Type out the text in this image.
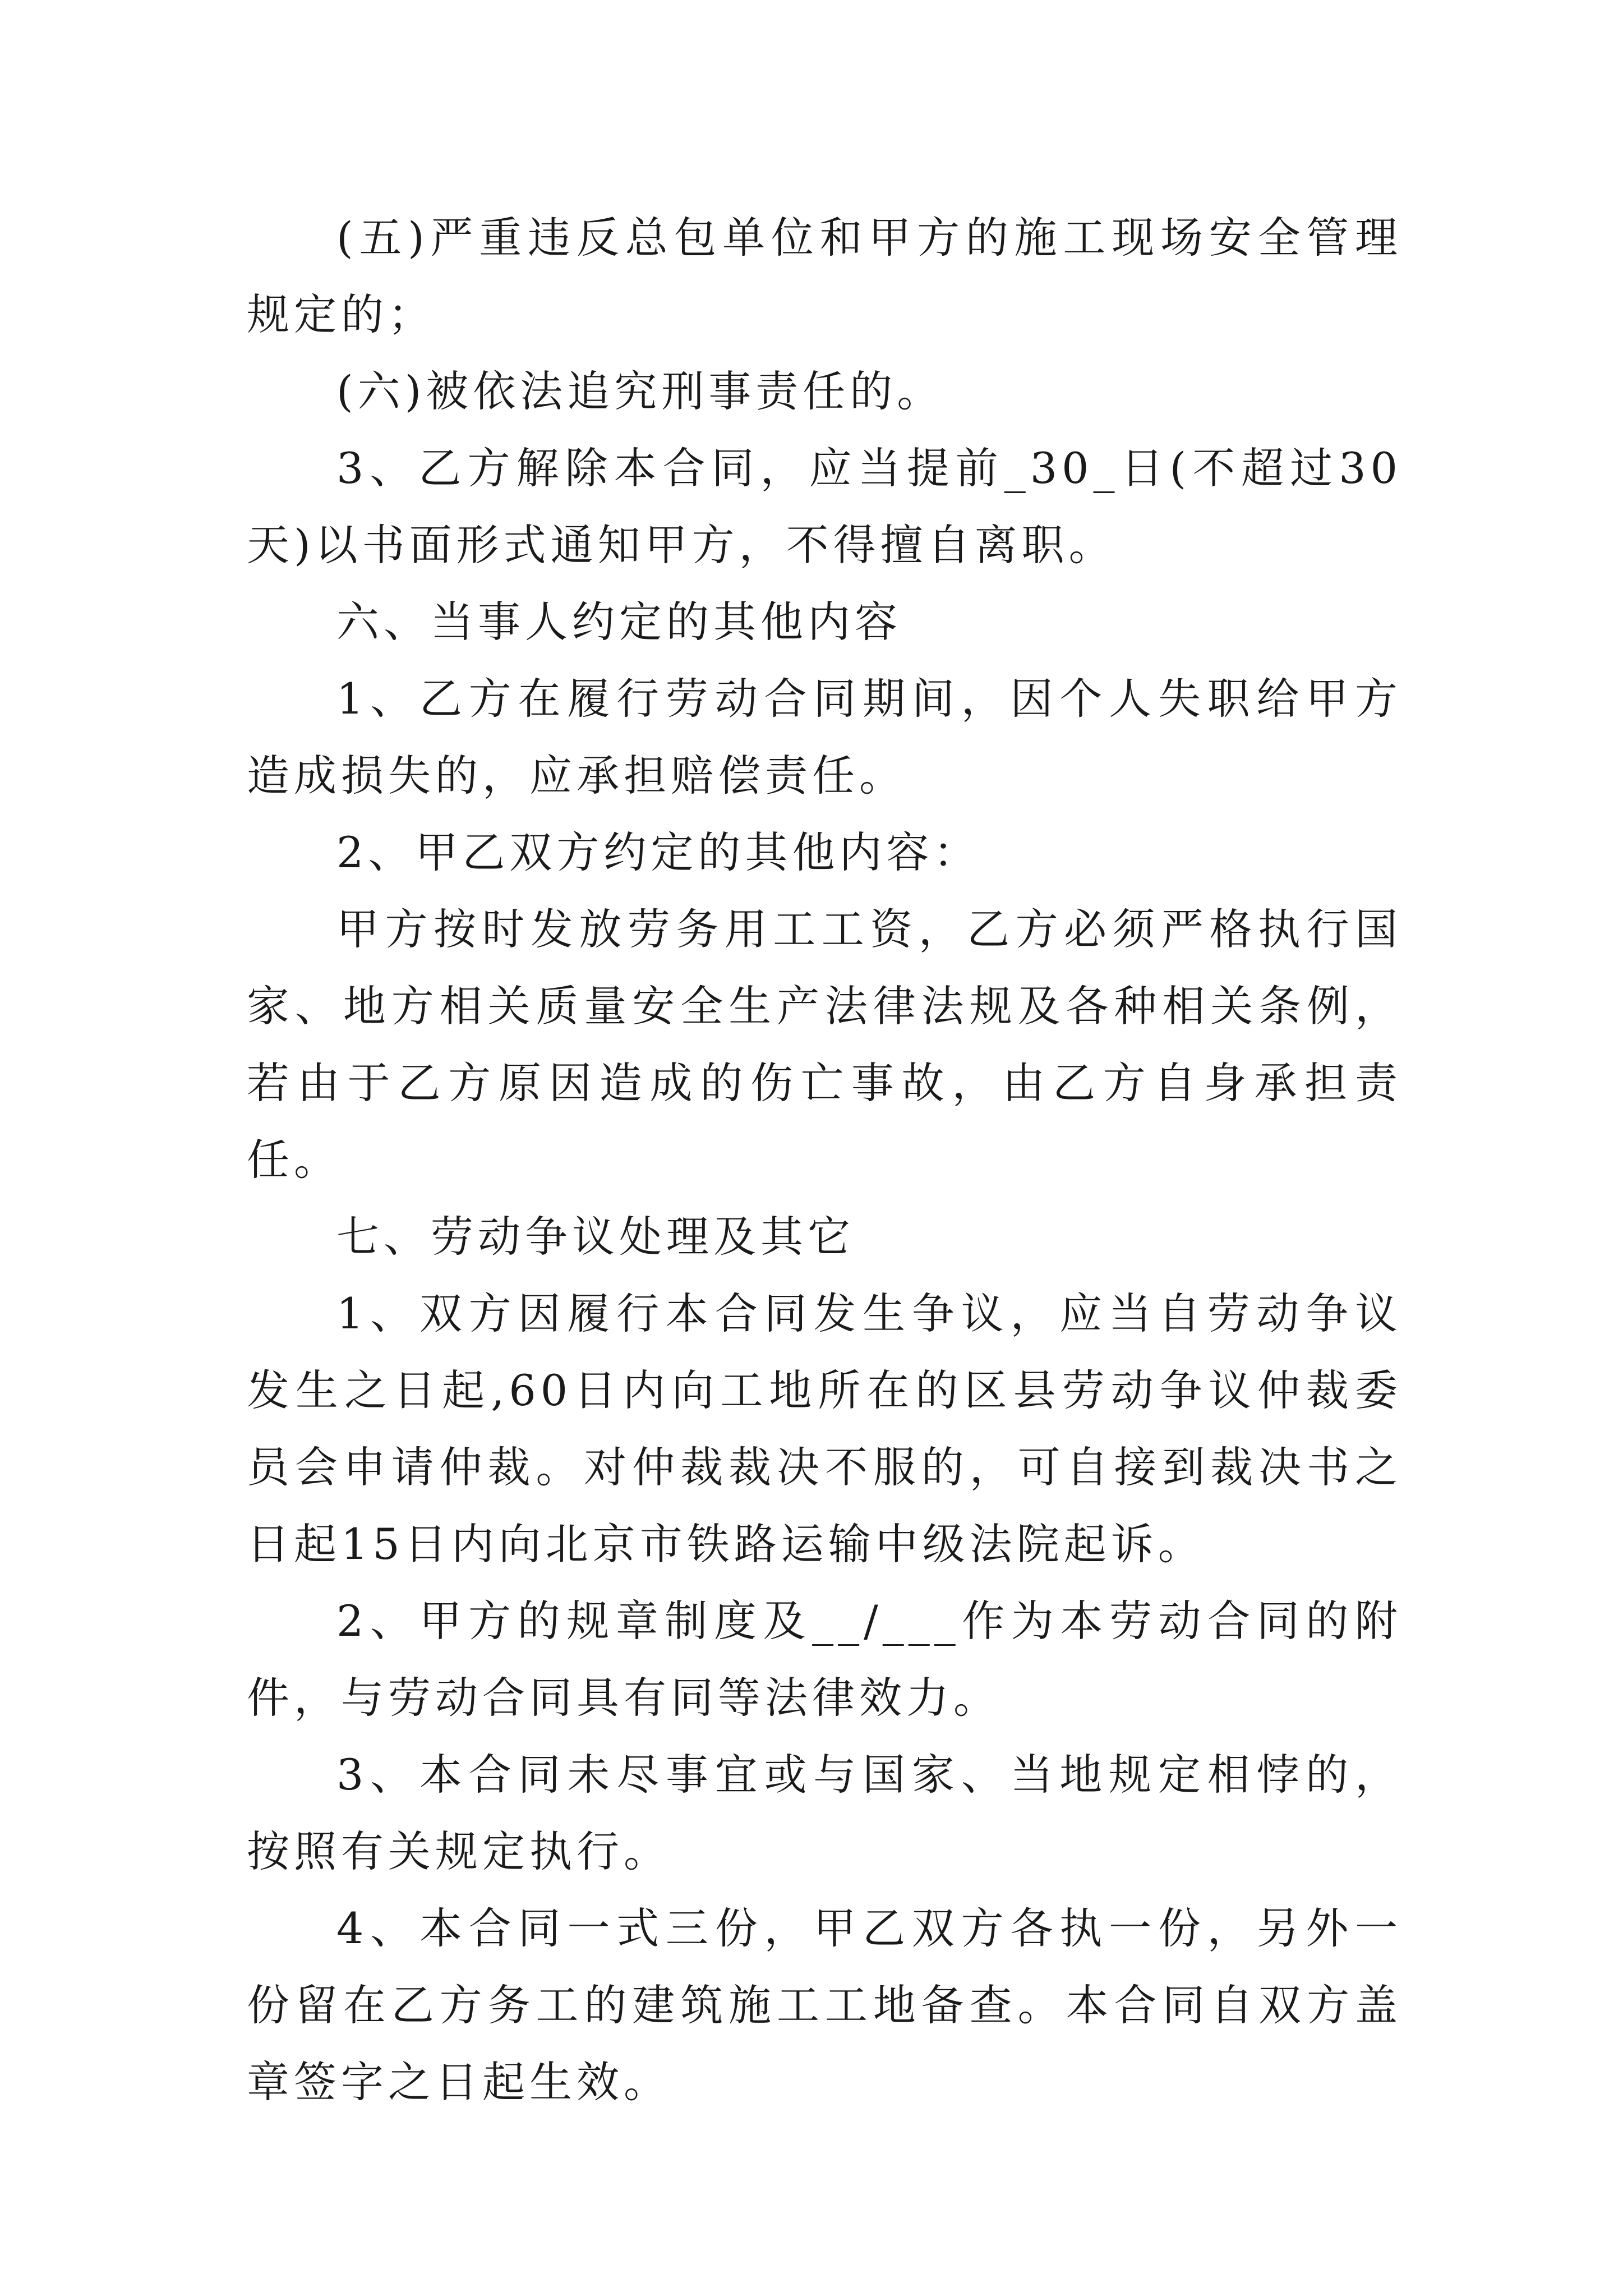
(五)严重违反总包单位和甲方的施工现场安全管理规定的；

(六)被依法追究刑事责任的。

3、乙方解除本合同，应当提前_30_日(不超过30天)以书面形式通知甲方，不得擅自离职。

六、当事人约定的其他内容

1、乙方在履行劳动合同期间，因个人失职给甲方造成损失的，应承担赔偿责任。

2、甲乙双方约定的其他内容：

甲方按时发放劳务用工工资，乙方必须严格执行国家、地方相关质量安全生产法律法规及各种相关条例，若由于乙方原因造成的伤亡事故，由乙方自身承担责任。

七、劳动争议处理及其它

1、双方因履行本合同发生争议，应当自劳动争议发生之日起,60日内向工地所在的区县劳动争议仲裁委员会申请仲裁。对仲裁裁决不服的，可自接到裁决书之日起15日内向北京市铁路运输中级法院起诉。

2、甲方的规章制度及__/___作为本劳动合同的附件，与劳动合同具有同等法律效力。

3、本合同未尽事宜或与国家、当地规定相悖的，按照有关规定执行。

4、本合同一式三份，甲乙双方各执一份，另外一份留在乙方务工的建筑施工工地备查。本合同自双方盖章签字之日起生效。
